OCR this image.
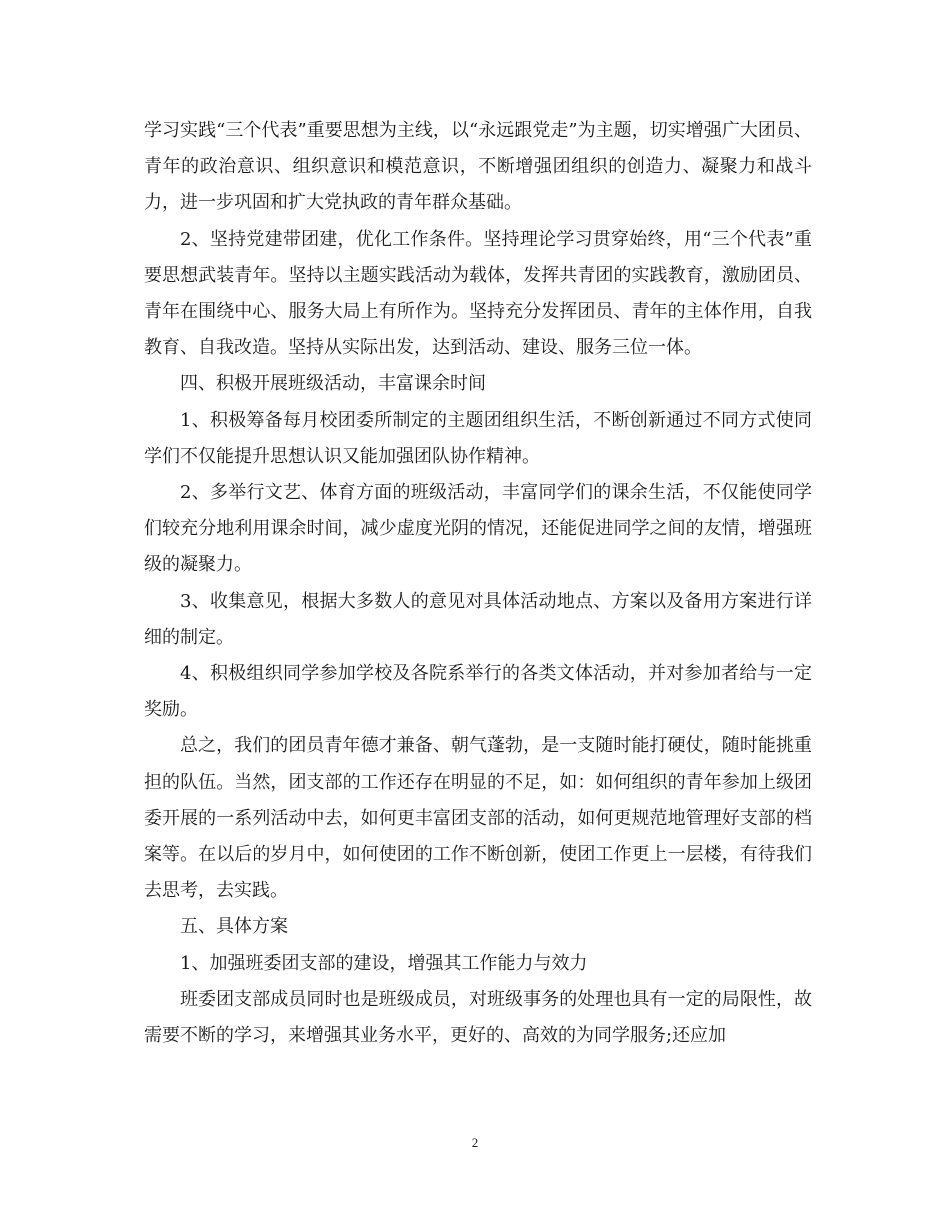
学习实践“三个代表”重要思想为主线，以“永远跟党走”为主题，切实增强广大团员、青年的政治意识、组织意识和模范意识，不断增强团组织的创造力、凝聚力和战斗力，进一步巩固和扩大党执政的青年群众基础。

2、坚持党建带团建，优化工作条件。坚持理论学习贯穿始终，用“三个代表”重要思想武装青年。坚持以主题实践活动为载体，发挥共青团的实践教育，激励团员、青年在围绕中心、服务大局上有所作为。坚持充分发挥团员、青年的主体作用，自我教育、自我改造。坚持从实际出发，达到活动、建设、服务三位一体。

四、积极开展班级活动，丰富课余时间

1、积极筹备每月校团委所制定的主题团组织生活，不断创新通过不同方式使同学们不仅能提升思想认识又能加强团队协作精神。

2、多举行文艺、体育方面的班级活动，丰富同学们的课余生活，不仅能使同学们较充分地利用课余时间，减少虚度光阴的情况，还能促进同学之间的友情，增强班级的凝聚力。

3、收集意见，根据大多数人的意见对具体活动地点、方案以及备用方案进行详细的制定。

4、积极组织同学参加学校及各院系举行的各类文体活动，并对参加者给与一定奖励。

总之，我们的团员青年德才兼备、朝气蓬勃，是一支随时能打硬仗，随时能挑重担的队伍。当然，团支部的工作还存在明显的不足，如：如何组织的青年参加上级团委开展的一系列活动中去，如何更丰富团支部的活动，如何更规范地管理好支部的档案等。在以后的岁月中，如何使团的工作不断创新，使团工作更上一层楼，有待我们去思考，去实践。

五、具体方案

1、加强班委团支部的建设，增强其工作能力与效力

班委团支部成员同时也是班级成员，对班级事务的处理也具有一定的局限性，故需要不断的学习，来增强其业务水平，更好的、高效的为同学服务;还应加

2
